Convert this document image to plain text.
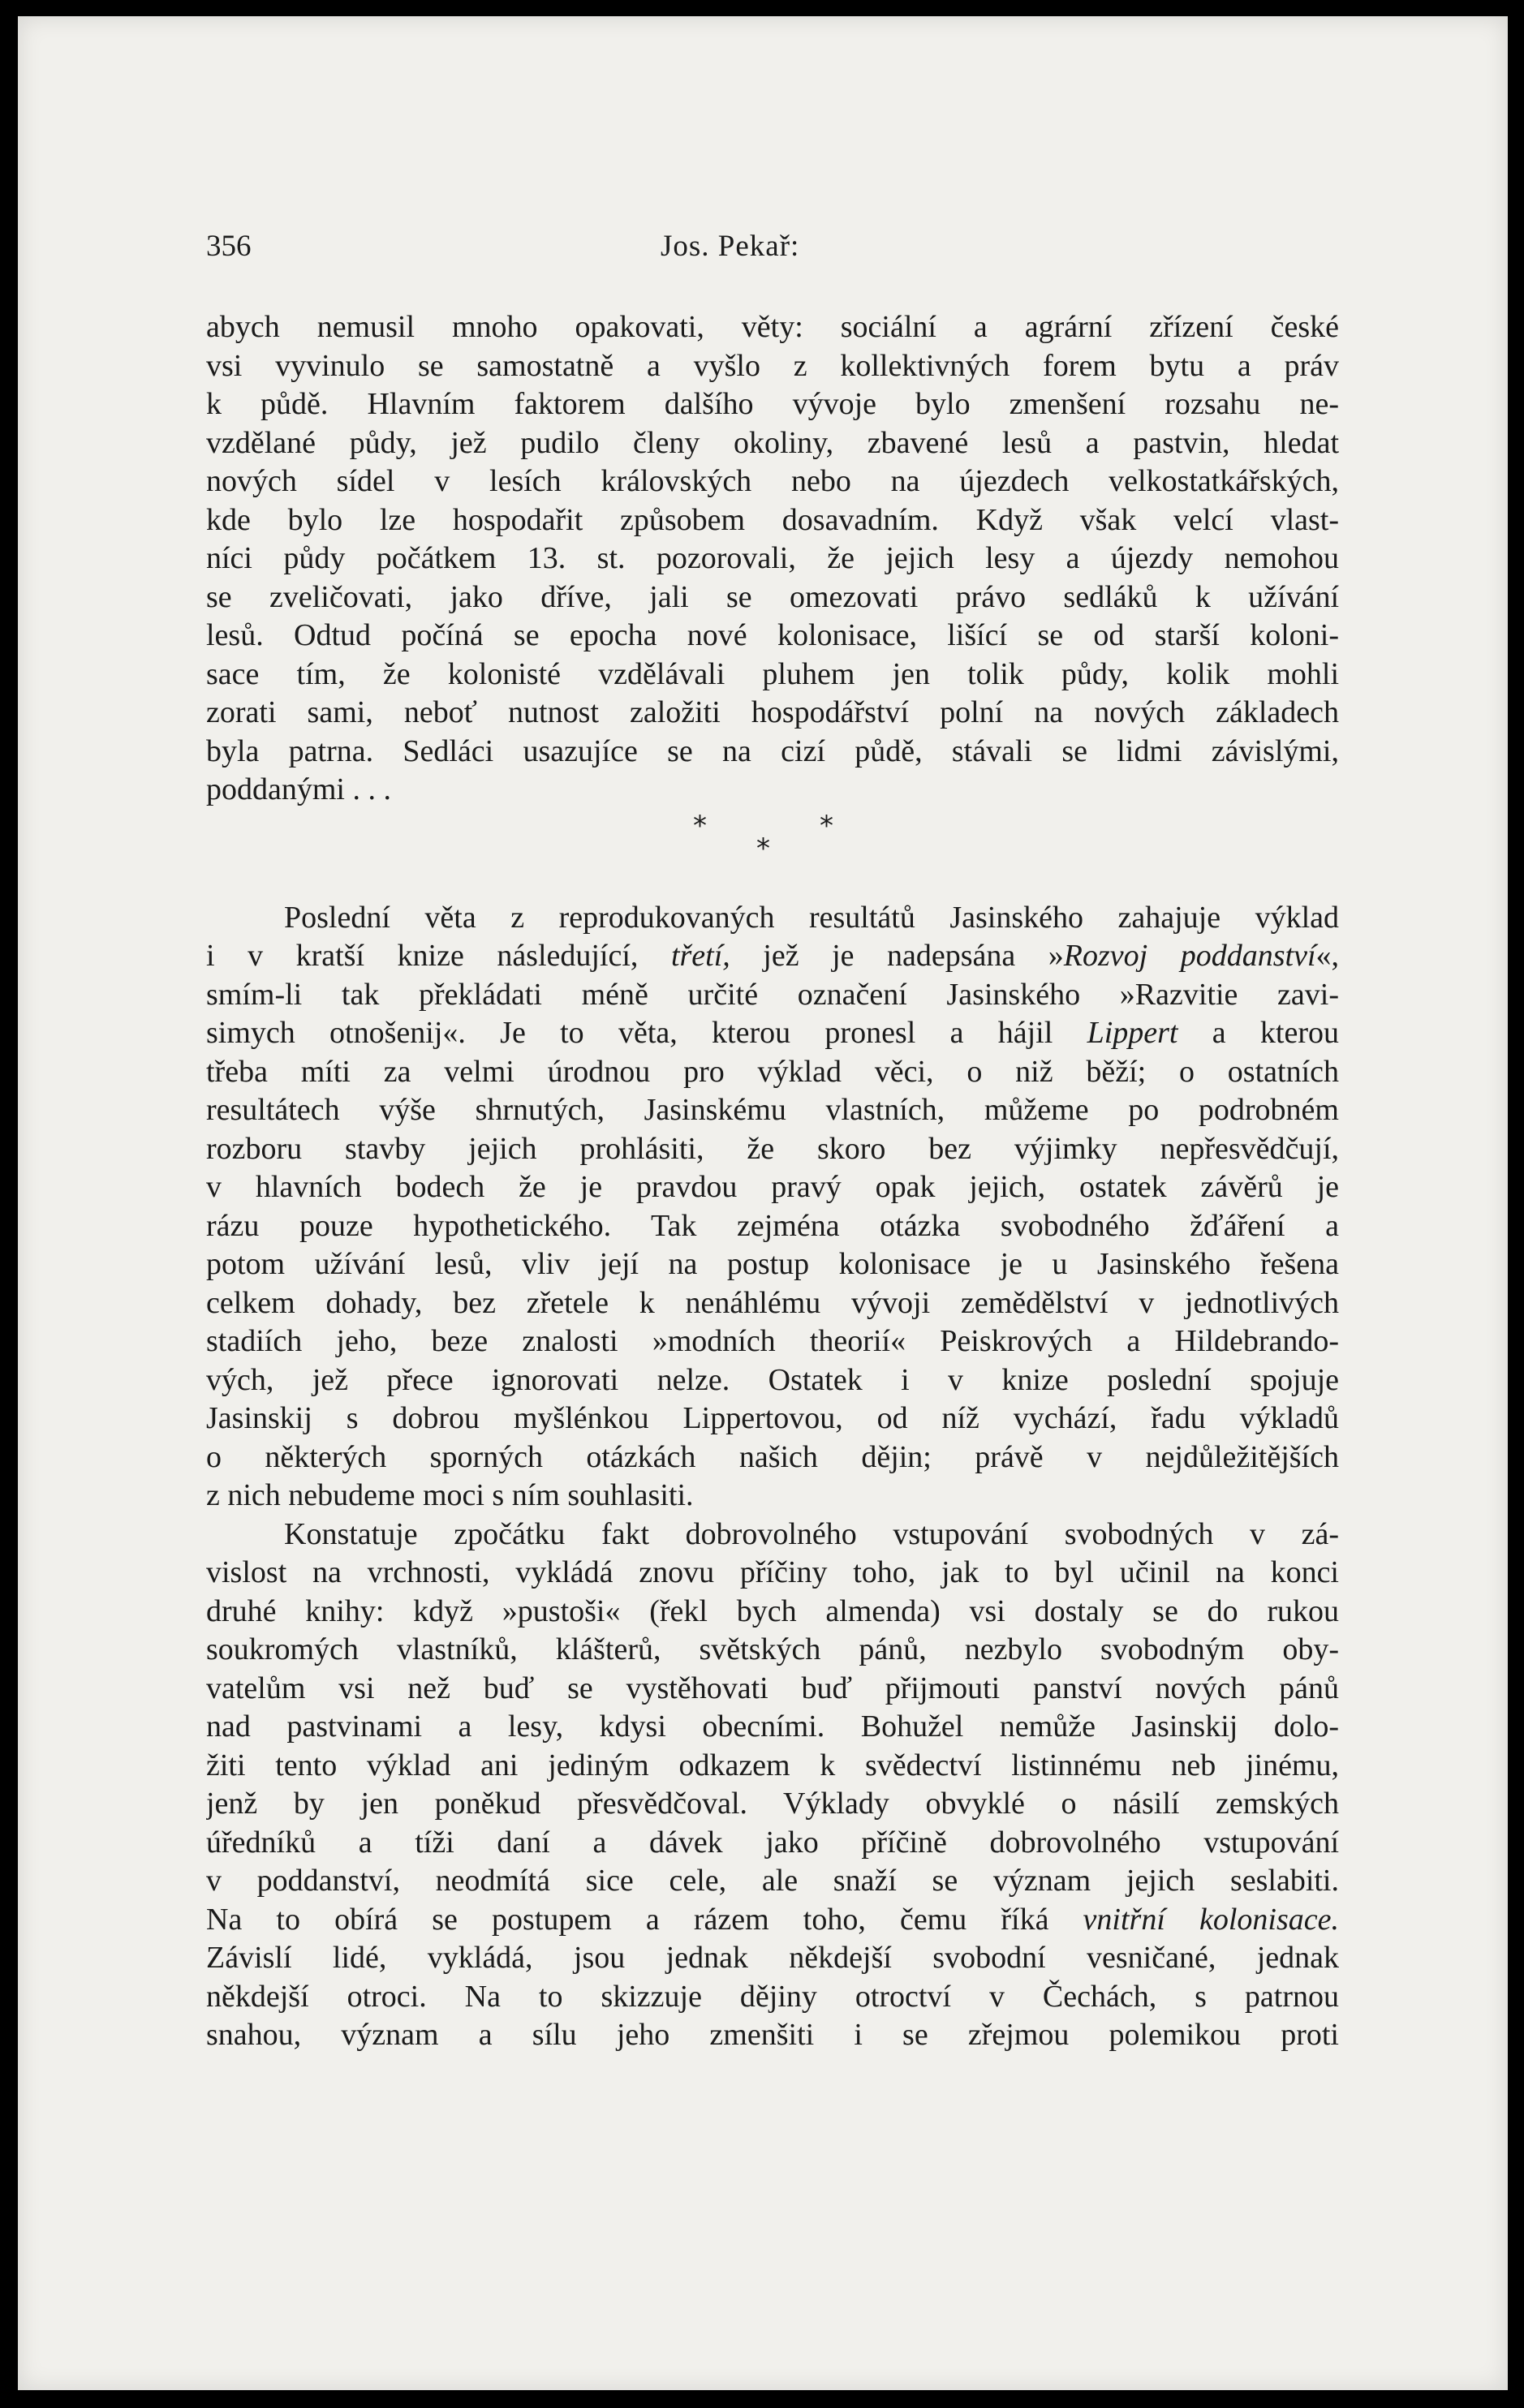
356	Jos. Pekař:
abych nemusil mnoho opakovati, věty: sociální a agrární zřízení české
vsi vyvinulo se samostatně a vyšlo z kollektivných forem bytu a práv
k půdě. Hlavním faktorem dalšího vývoje bylo zmenšení rozsahu ne-
vzdělané půdy, jež pudilo členy okoliny, zbavené lesů a pastvin, hledat
nových sídel v lesích královských nebo na újezdech velkostatkářských,
kde bylo lze hospodařit způsobem dosavadním. Když však velcí vlast-
níci půdy počátkem 13. st. pozorovali, že jejich lesy a újezdy nemohou
se zveličovati, jako dříve, jali se omezovati právo sedláků k užívání
lesů. Odtud počíná se epocha nové kolonisace, lišící se od starší koloni-
sace tím, že kolonisté vzdělávali pluhem jen tolik půdy, kolik mohli
zorati sami, neboť nutnost založiti hospodářství polní na nových základech
byla patrna. Sedláci usazujíce se na cizí půdě, stávali se lidmi závislými,
poddanými . . .
*	*
*
Poslední věta z reprodukovaných resultátů Jasinského zahajuje výklad
i v kratší knize následující, třetí, jež je nadepsána »Rozvoj poddanství«,
smím-li tak překládati méně určité označení Jasinského »Razvitie zavi-
simych otnošenij«. Je to věta, kterou pronesl a hájil Lippert a kterou
třeba míti za velmi úrodnou pro výklad věci, o niž běží; o ostatních
resultátech výše shrnutých, Jasinskému vlastních, můžeme po podrobném
rozboru stavby jejich prohlásiti, že skoro bez výjimky nepřesvědčují,
v hlavních bodech že je pravdou pravý opak jejich, ostatek závěrů je
rázu pouze hypothetického. Tak zejména otázka svobodného žďáření a
potom užívání lesů, vliv její na postup kolonisace je u Jasinského řešena
celkem dohady, bez zřetele k nenáhlému vývoji zemědělství v jednotlivých
stadiích jeho, beze znalosti »modních theorií« Peiskrových a Hildebrando-
vých, jež přece ignorovati nelze. Ostatek i v knize poslední spojuje
Jasinskij s dobrou myšlénkou Lippertovou, od níž vychází, řadu výkladů
o některých sporných otázkách našich dějin; právě v nejdůležitějších
z nich nebudeme moci s ním souhlasiti.
Konstatuje zpočátku fakt dobrovolného vstupování svobodných v zá-
vislost na vrchnosti, vykládá znovu příčiny toho, jak to byl učinil na konci
druhé knihy: když »pustoši« (řekl bych almenda) vsi dostaly se do rukou
soukromých vlastníků, klášterů, světských pánů, nezbylo svobodným oby-
vatelům vsi než buď se vystěhovati buď přijmouti panství nových pánů
nad pastvinami a lesy, kdysi obecními. Bohužel nemůže Jasinskij dolo-
žiti tento výklad ani jediným odkazem k svědectví listinnému neb jinému,
jenž by jen poněkud přesvědčoval. Výklady obvyklé o násilí zemských
úředníků a tíži daní a dávek jako příčině dobrovolného vstupování
v poddanství, neodmítá sice cele, ale snaží se význam jejich seslabiti.
Na to obírá se postupem a rázem toho, čemu říká vnitřní kolonisace.
Závislí lidé, vykládá, jsou jednak někdejší svobodní vesničané, jednak
někdejší otroci. Na to skizzuje dějiny otroctví v Čechách, s patrnou
snahou, význam a sílu jeho zmenšiti i se zřejmou polemikou proti
